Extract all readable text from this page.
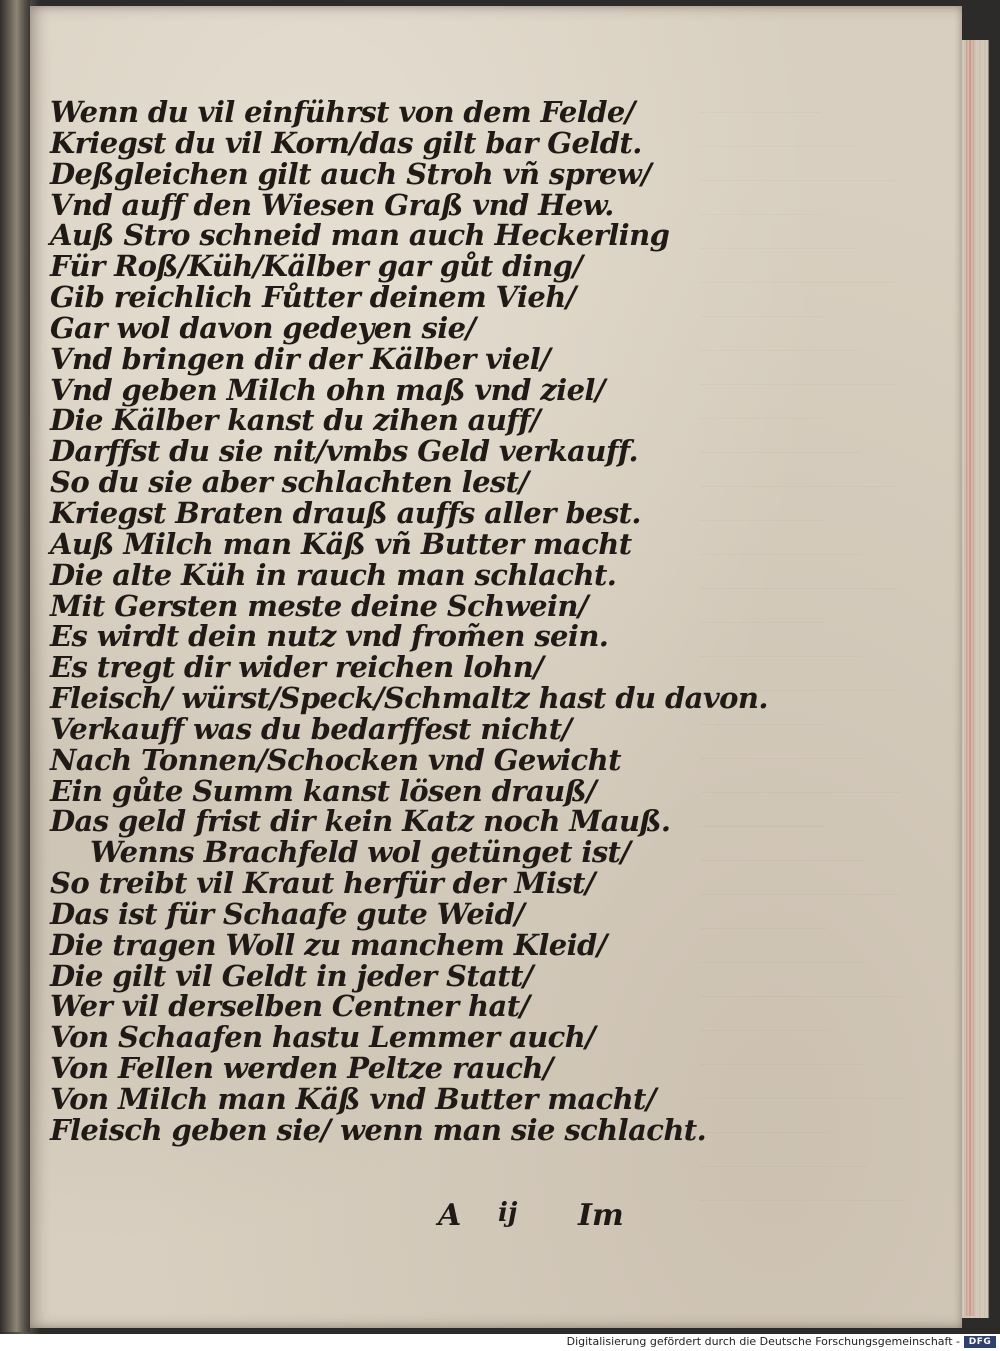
Wenn du vil einführst von dem Felde/
Kriegst du vil Korn/das gilt bar Geldt.
Deßgleichen gilt auch Stroh vñ sprew/
Vnd auff den Wiesen Graß vnd Hew.
Auß Stro schneid man auch Heckerling
Für Roß/Küh/Kälber gar gůt ding/
Gib reichlich Fůtter deinem Vieh/
Gar wol davon gedeyen sie/
Vnd bringen dir der Kälber viel/
Vnd geben Milch ohn maß vnd ziel/
Die Kälber kanst du zihen auff/
Darffst du sie nit/vmbs Geld verkauff.
So du sie aber schlachten lest/
Kriegst Braten drauß auffs aller best.
Auß Milch man Käß vñ Butter macht
Die alte Küh in rauch man schlacht.
Mit Gersten meste deine Schwein/
Es wirdt dein nutz vnd from̃en sein.
Es tregt dir wider reichen lohn/
Fleisch/ würst/Speck/Schmaltz hast du davon.
Verkauff was du bedarffest nicht/
Nach Tonnen/Schocken vnd Gewicht
Ein gůte Summ kanst lösen drauß/
Das geld frist dir kein Katz noch Mauß.
Wenns Brachfeld wol getünget ist/
So treibt vil Kraut herfür der Mist/
Das ist für Schaafe gute Weid/
Die tragen Woll zu manchem Kleid/
Die gilt vil Geldt in jeder Statt/
Wer vil derselben Centner hat/
Von Schaafen hastu Lemmer auch/
Von Fellen werden Peltze rauch/
Von Milch man Käß vnd Butter macht/
Fleisch geben sie/ wenn man sie schlacht.
A ij Im
Digitalisierung gefördert durch die Deutsche Forschungsgemeinschaft - DFG
